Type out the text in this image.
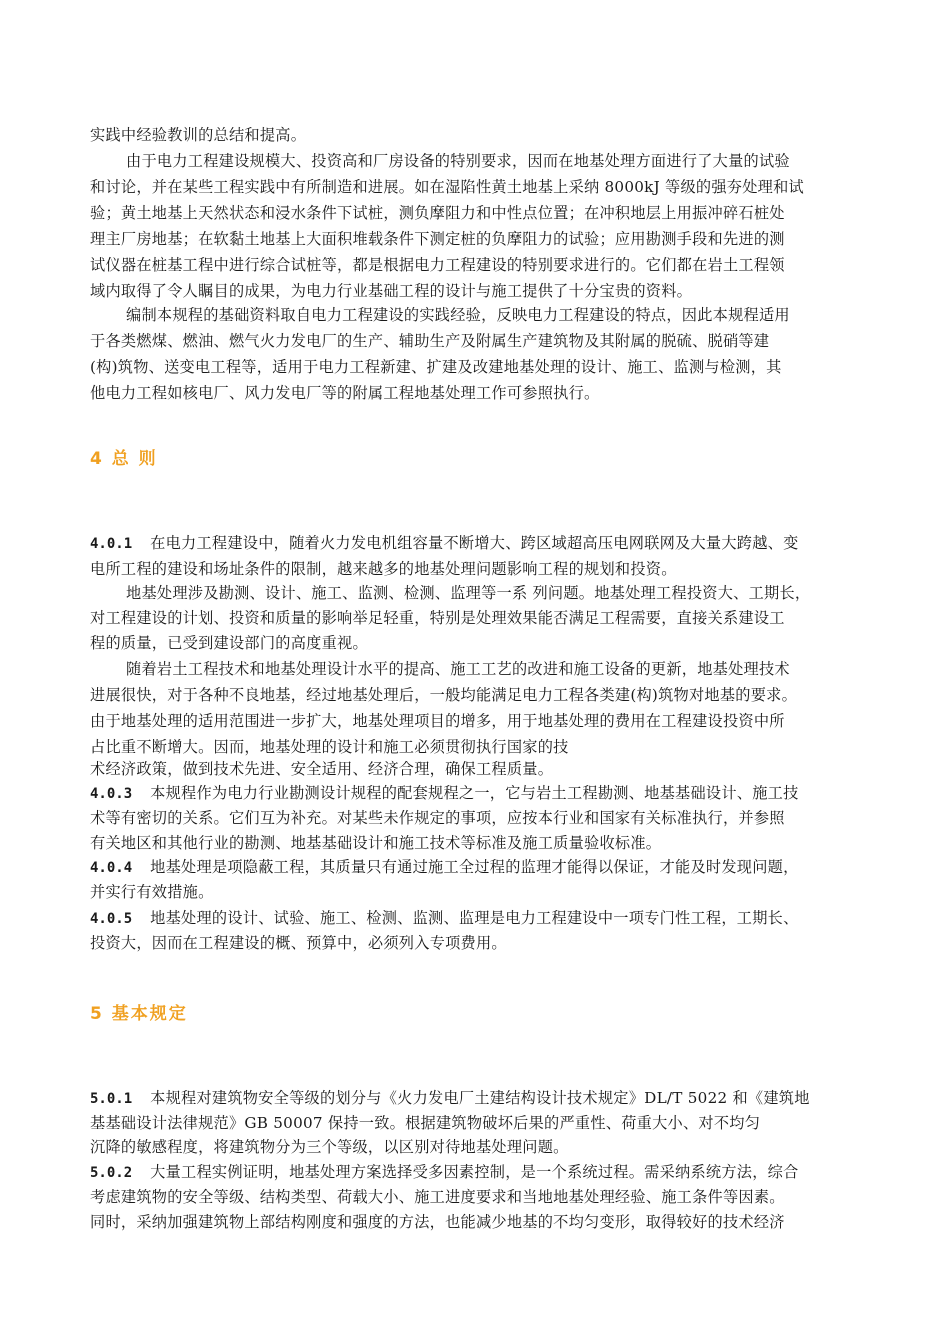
实践中经验教训的总结和提高。
由于电力工程建设规模大、投资高和厂房设备的特别要求，因而在地基处理方面进行了大量的试验
和讨论，并在某些工程实践中有所制造和进展。如在湿陷性黄土地基上采纳 8000kJ 等级的强夯处理和试
验；黄土地基上天然状态和浸水条件下试桩，测负摩阻力和中性点位置；在冲积地层上用振冲碎石桩处
理主厂房地基；在软黏土地基上大面积堆载条件下测定桩的负摩阻力的试验；应用勘测手段和先进的测
试仪器在桩基工程中进行综合试桩等，都是根据电力工程建设的特别要求进行的。它们都在岩土工程领
域内取得了令人瞩目的成果，为电力行业基础工程的设计与施工提供了十分宝贵的资料。
编制本规程的基础资料取自电力工程建设的实践经验，反映电力工程建设的特点，因此本规程适用
于各类燃煤、燃油、燃气火力发电厂的生产、辅助生产及附属生产建筑物及其附属的脱硫、脱硝等建
(构)筑物、送变电工程等，适用于电力工程新建、扩建及改建地基处理的设计、施工、监测与检测，其
他电力工程如核电厂、风力发电厂等的附属工程地基处理工作可参照执行。
4 总 则
4.0.1 在电力工程建设中，随着火力发电机组容量不断增大、跨区域超高压电网联网及大量大跨越、变
电所工程的建设和场址条件的限制，越来越多的地基处理问题影响工程的规划和投资。
地基处理涉及勘测、设计、施工、监测、检测、监理等一系 列问题。地基处理工程投资大、工期长，
对工程建设的计划、投资和质量的影响举足轻重，特别是处理效果能否满足工程需要，直接关系建设工
程的质量，已受到建设部门的高度重视。
随着岩土工程技术和地基处理设计水平的提高、施工工艺的改进和施工设备的更新，地基处理技术
进展很快，对于各种不良地基，经过地基处理后，一般均能满足电力工程各类建(构)筑物对地基的要求。
由于地基处理的适用范围进一步扩大，地基处理项目的增多，用于地基处理的费用在工程建设投资中所
占比重不断增大。因而，地基处理的设计和施工必须贯彻执行国家的技
术经济政策，做到技术先进、安全适用、经济合理，确保工程质量。
4.0.3 本规程作为电力行业勘测设计规程的配套规程之一，它与岩土工程勘测、地基基础设计、施工技
术等有密切的关系。它们互为补充。对某些未作规定的事项，应按本行业和国家有关标准执行，并参照
有关地区和其他行业的勘测、地基基础设计和施工技术等标准及施工质量验收标准。
4.0.4 地基处理是项隐蔽工程，其质量只有通过施工全过程的监理才能得以保证，才能及时发现问题，
并实行有效措施。
4.0.5 地基处理的设计、试验、施工、检测、监测、监理是电力工程建设中一项专门性工程，工期长、
投资大，因而在工程建设的概、预算中，必须列入专项费用。
5 基本规定
5.0.1 本规程对建筑物安全等级的划分与《火力发电厂土建结构设计技术规定》DL/T 5022 和《建筑地
基基础设计法律规范》GB 50007 保持一致。根据建筑物破坏后果的严重性、荷重大小、对不均匀
沉降的敏感程度，将建筑物分为三个等级，以区别对待地基处理问题。
5.0.2 大量工程实例证明，地基处理方案选择受多因素控制，是一个系统过程。需采纳系统方法，综合
考虑建筑物的安全等级、结构类型、荷载大小、施工进度要求和当地地基处理经验、施工条件等因素。
同时，采纳加强建筑物上部结构刚度和强度的方法，也能减少地基的不均匀变形，取得较好的技术经济
